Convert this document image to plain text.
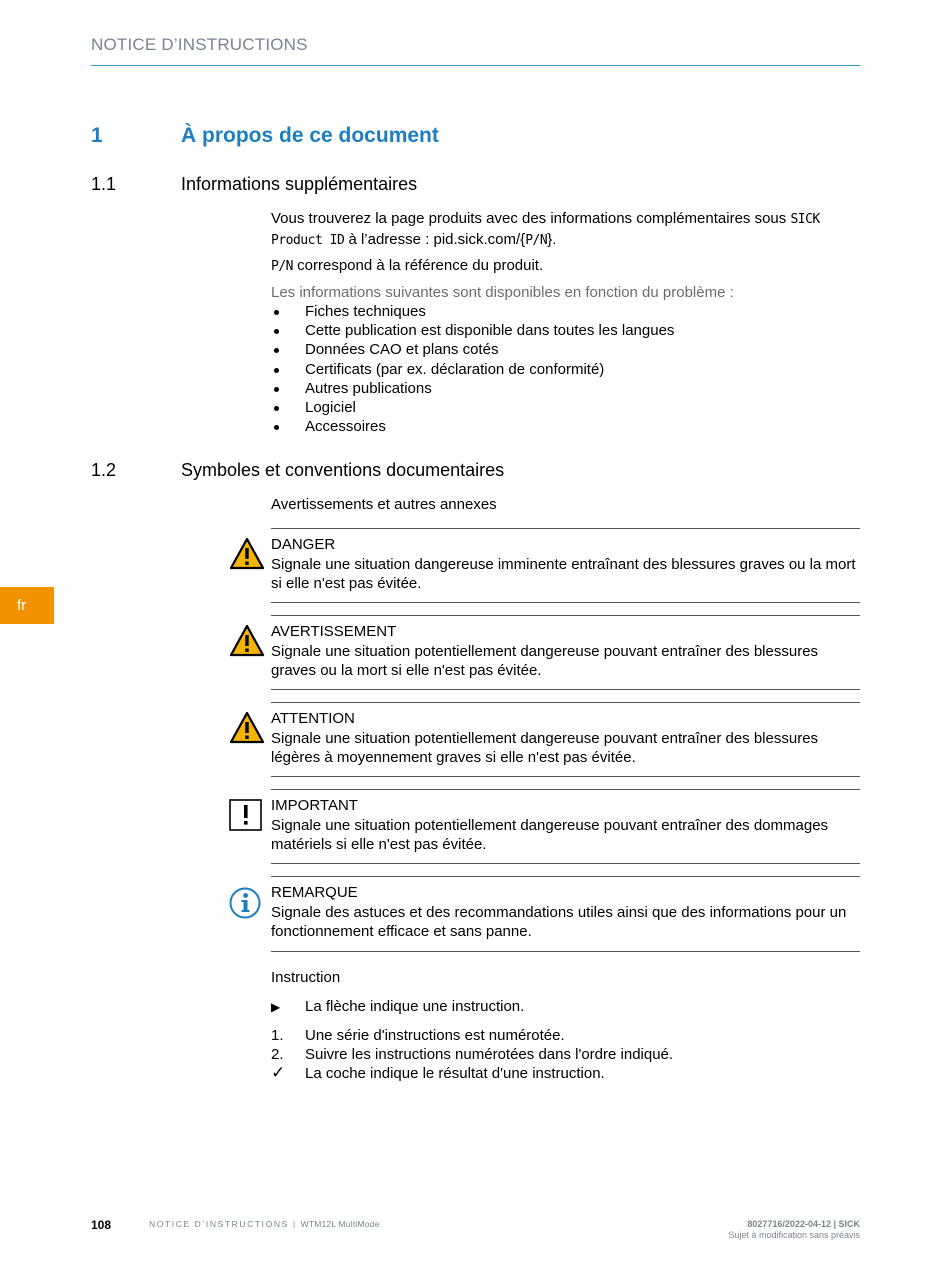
NOTICE D’INSTRUCTIONS
1	À propos de ce document
1.1	Informations supplémentaires
Vous trouverez la page produits avec des informations complémentaires sous SICK Product ID à l’adresse : pid.sick.com/{P/N}.
P/N correspond à la référence du produit.
Les informations suivantes sont disponibles en fonction du problème :
Fiches techniques
Cette publication est disponible dans toutes les langues
Données CAO et plans cotés
Certificats (par ex. déclaration de conformité)
Autres publications
Logiciel
Accessoires
1.2	Symboles et conventions documentaires
Avertissements et autres annexes
DANGER
Signale une situation dangereuse imminente entraînant des blessures graves ou la mort si elle n'est pas évitée.
AVERTISSEMENT
Signale une situation potentiellement dangereuse pouvant entraîner des blessures graves ou la mort si elle n'est pas évitée.
ATTENTION
Signale une situation potentiellement dangereuse pouvant entraîner des blessures légères à moyennement graves si elle n'est pas évitée.
IMPORTANT
Signale une situation potentiellement dangereuse pouvant entraîner des dommages matériels si elle n'est pas évitée.
REMARQUE
Signale des astuces et des recommandations utiles ainsi que des informations pour un fonctionnement efficace et sans panne.
Instruction
▶ La flèche indique une instruction.
1. Une série d'instructions est numérotée.
2. Suivre les instructions numérotées dans l'ordre indiqué.
✓ La coche indique le résultat d'une instruction.
fr
108	NOTICE D’INSTRUCTIONS | WTM12L MultiMode	8027716/2022-04-12 | SICK
Sujet à modification sans préavis
